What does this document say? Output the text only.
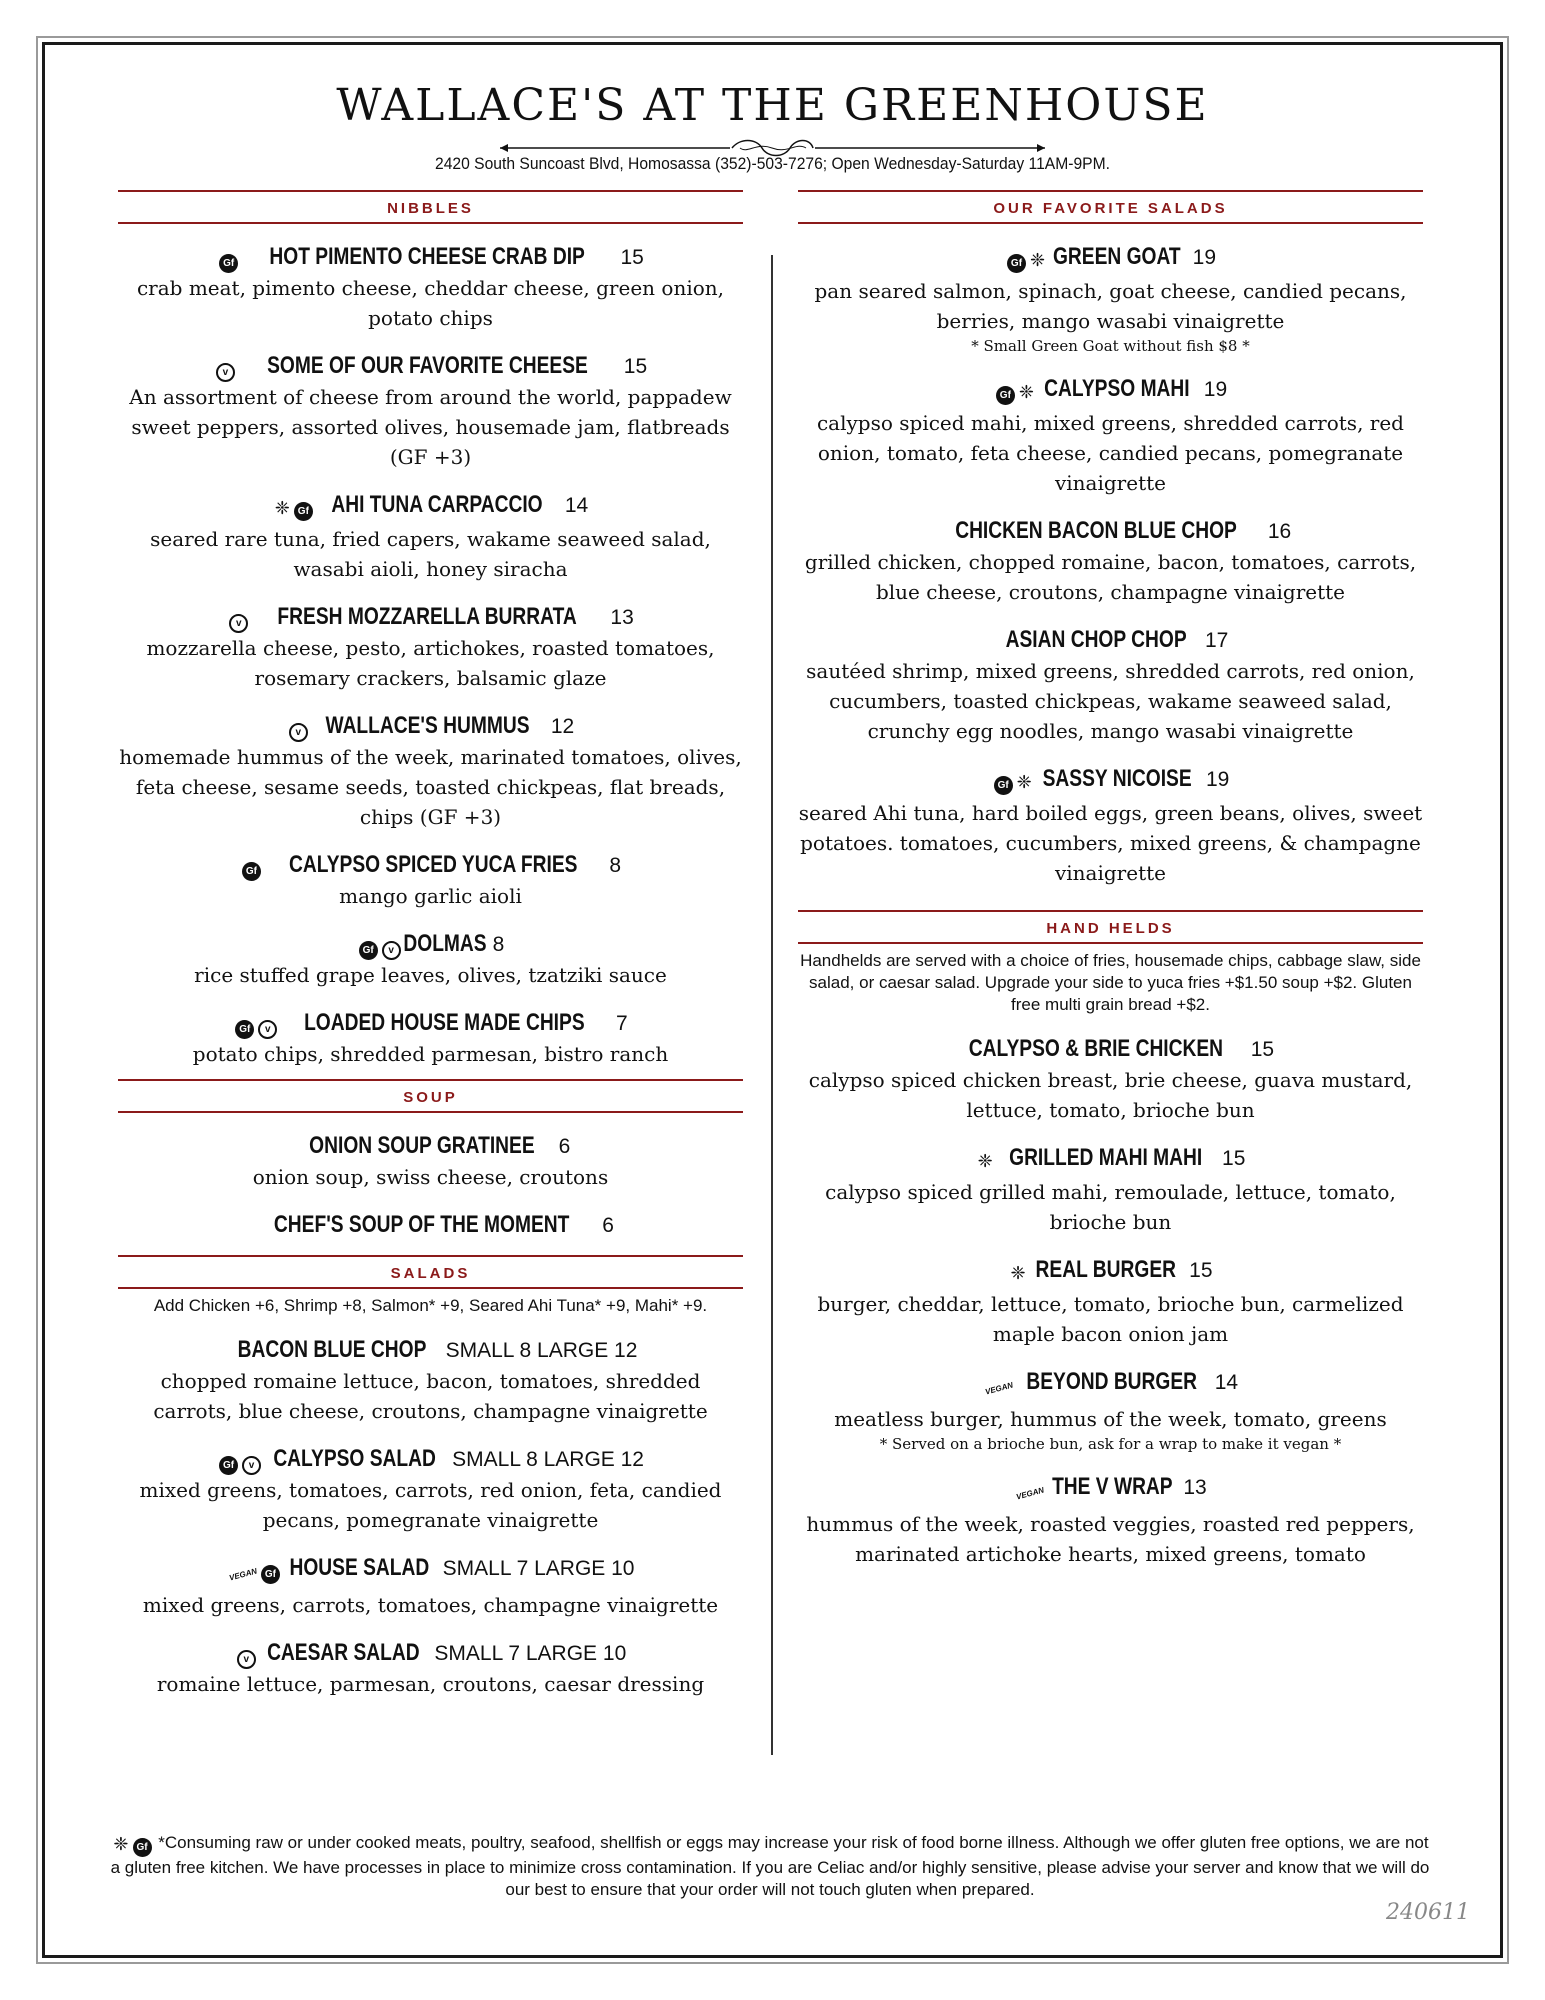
WALLACE'S AT THE GREENHOUSE
2420 South Suncoast Blvd, Homosassa (352)-503-7276; Open Wednesday-Saturday 11AM-9PM.
NIBBLES
Gf HOT PIMENTO CHEESE CRAB DIP 15
crab meat, pimento cheese, cheddar cheese, green onion, potato chips
v SOME OF OUR FAVORITE CHEESE 15
An assortment of cheese from around the world, pappadew sweet peppers, assorted olives, housemade jam, flatbreads (GF +3)
❈ Gf AHI TUNA CARPACCIO 14
seared rare tuna, fried capers, wakame seaweed salad, wasabi aioli, honey siracha
v FRESH MOZZARELLA BURRATA 13
mozzarella cheese, pesto, artichokes, roasted tomatoes, rosemary crackers, balsamic glaze
v WALLACE'S HUMMUS 12
homemade hummus of the week, marinated tomatoes, olives, feta cheese, sesame seeds, toasted chickpeas, flat breads, chips (GF +3)
Gf CALYPSO SPICED YUCA FRIES 8
mango garlic aioli
Gf v DOLMAS 8
rice stuffed grape leaves, olives, tzatziki sauce
Gf v LOADED HOUSE MADE CHIPS 7
potato chips, shredded parmesan, bistro ranch
SOUP
ONION SOUP GRATINEE 6
onion soup, swiss cheese, croutons
CHEF'S SOUP OF THE MOMENT 6
SALADS
Add Chicken +6, Shrimp +8, Salmon* +9, Seared Ahi Tuna* +9, Mahi* +9.
BACON BLUE CHOP SMALL 8 LARGE 12
chopped romaine lettuce, bacon, tomatoes, shredded carrots, blue cheese, croutons, champagne vinaigrette
Gf v CALYPSO SALAD SMALL 8 LARGE 12
mixed greens, tomatoes, carrots, red onion, feta, candied pecans, pomegranate vinaigrette
VEGAN Gf HOUSE SALAD SMALL 7 LARGE 10
mixed greens, carrots, tomatoes, champagne vinaigrette
v CAESAR SALAD SMALL 7 LARGE 10
romaine lettuce, parmesan, croutons, caesar dressing
OUR FAVORITE SALADS
Gf ❈ GREEN GOAT 19
pan seared salmon, spinach, goat cheese, candied pecans, berries, mango wasabi vinaigrette
* Small Green Goat without fish $8 *
Gf ❈ CALYPSO MAHI 19
calypso spiced mahi, mixed greens, shredded carrots, red onion, tomato, feta cheese, candied pecans, pomegranate vinaigrette
CHICKEN BACON BLUE CHOP 16
grilled chicken, chopped romaine, bacon, tomatoes, carrots, blue cheese, croutons, champagne vinaigrette
ASIAN CHOP CHOP 17
sautéed shrimp, mixed greens, shredded carrots, red onion, cucumbers, toasted chickpeas, wakame seaweed salad, crunchy egg noodles, mango wasabi vinaigrette
Gf ❈ SASSY NICOISE 19
seared Ahi tuna, hard boiled eggs, green beans, olives, sweet potatoes. tomatoes, cucumbers, mixed greens, & champagne vinaigrette
HAND HELDS
Handhelds are served with a choice of fries, housemade chips, cabbage slaw, side salad, or caesar salad. Upgrade your side to yuca fries +$1.50 soup +$2. Gluten free multi grain bread +$2.
CALYPSO & BRIE CHICKEN 15
calypso spiced chicken breast, brie cheese, guava mustard, lettuce, tomato, brioche bun
❈ GRILLED MAHI MAHI 15
calypso spiced grilled mahi, remoulade, lettuce, tomato, brioche bun
❈ REAL BURGER 15
burger, cheddar, lettuce, tomato, brioche bun, carmelized maple bacon onion jam
VEGAN BEYOND BURGER 14
meatless burger, hummus of the week, tomato, greens
* Served on a brioche bun, ask for a wrap to make it vegan *
VEGAN THE V WRAP 13
hummus of the week, roasted veggies, roasted red peppers, marinated artichoke hearts, mixed greens, tomato
❈ Gf *Consuming raw or under cooked meats, poultry, seafood, shellfish or eggs may increase your risk of food borne illness. Although we offer gluten free options, we are not a gluten free kitchen. We have processes in place to minimize cross contamination. If you are Celiac and/or highly sensitive, please advise your server and know that we will do our best to ensure that your order will not touch gluten when prepared.
240611
